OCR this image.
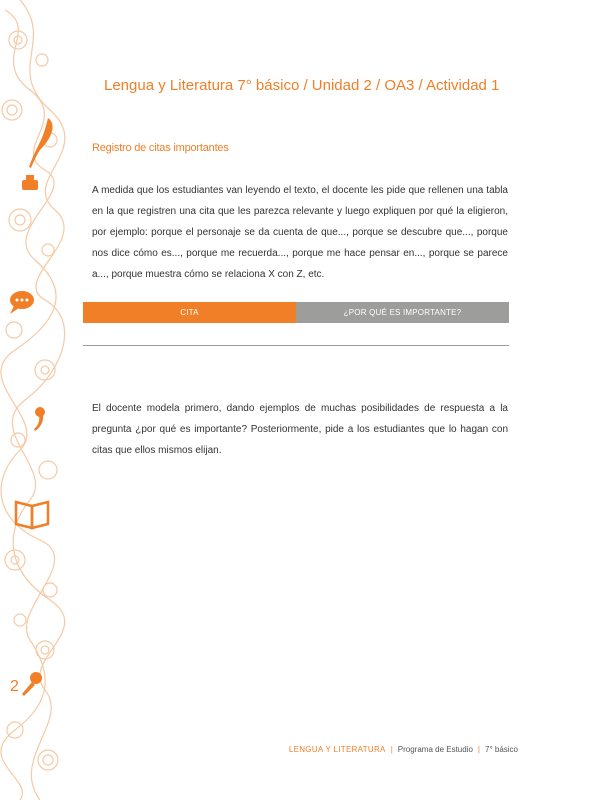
Lengua y Literatura 7° básico / Unidad 2 / OA3 / Actividad 1
Registro de citas importantes
A medida que los estudiantes van leyendo el texto, el docente les pide que rellenen una tabla en la que registren una cita que les parezca relevante y luego expliquen por qué la eligieron, por ejemplo: porque el personaje se da cuenta de que..., porque se descubre que..., porque nos dice cómo es..., porque me recuerda..., porque me hace pensar en..., porque se parece a..., porque muestra cómo se relaciona X con Z, etc.
CITA	¿POR QUÉ ES IMPORTANTE?
El docente modela primero, dando ejemplos de muchas posibilidades de respuesta a la pregunta ¿por qué es importante? Posteriormente, pide a los estudiantes que lo hagan con citas que ellos mismos elijan.
2
LENGUA Y LITERATURA | Programa de Estudio | 7° básico
